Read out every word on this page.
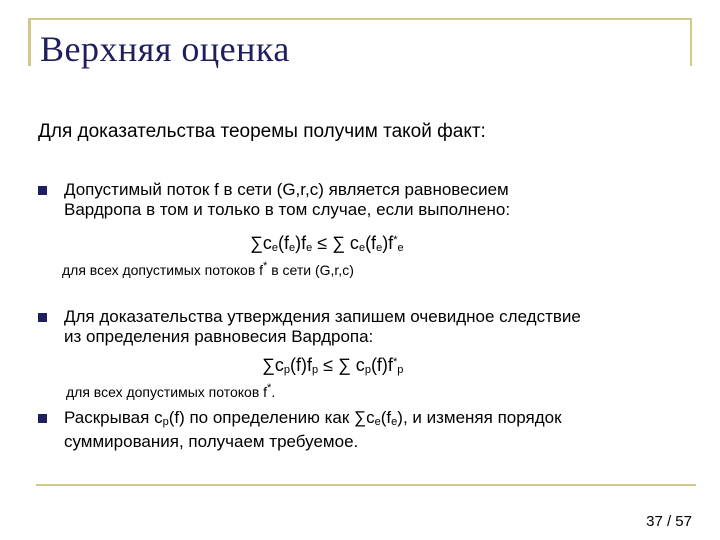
Верхняя оценка
Для доказательства теоремы получим такой факт:
Допустимый поток f в сети (G,r,c) является равновесием
Вардропа в том и только в том случае, если выполнено:
∑ce(fe)fe ≤ ∑ ce(fe)f*e
для всех допустимых потоков f* в сети (G,r,c)
Для доказательства утверждения запишем очевидное следствие
из определения равновесия Вардропа:
∑cp(f)fp ≤ ∑ cp(f)f*p
для всех допустимых потоков f*.
Раскрывая cp(f) по определению как ∑ce(fe), и изменяя порядок
суммирования, получаем требуемое.
37 / 57
